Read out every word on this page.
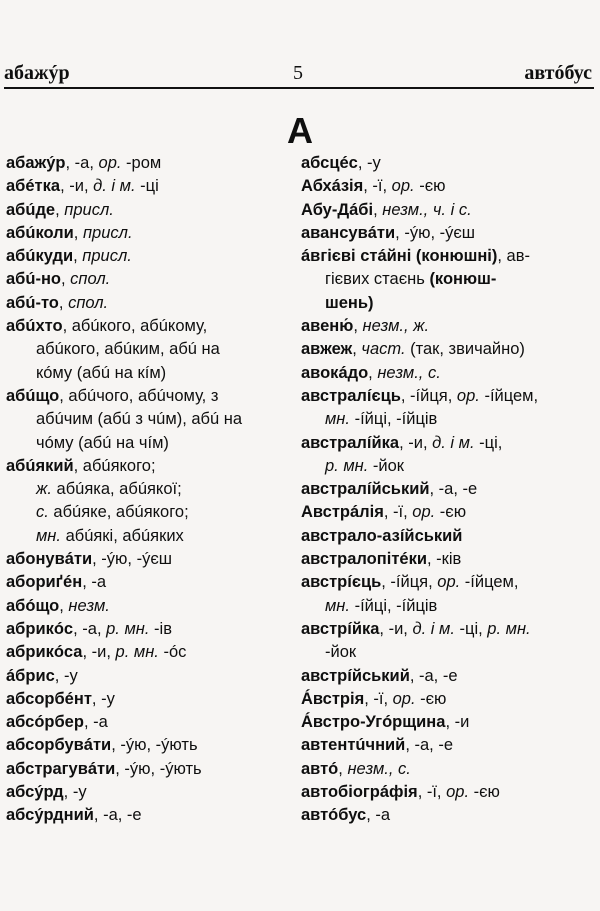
абажýр	5	автóбус
А
абажýр, -а, ор. -ром
абéтка, -и, д. і м. -ці
абúде, присл.
абúколи, присл.
абúкуди, присл.
абú-но, спол.
абú-то, спол.
абúхто, абúкого, абúкому,
абúкого, абúким, абú на
кóму (абú на кíм)
абúщо, абúчого, абúчому, з
абúчим (абú з чúм), абú на
чóму (абú на чíм)
абúякий, абúякого;
ж. абúяка, абúякої;
с. абúяке, абúякого;
мн. абúякі, абúяких
абонувáти, -ýю, -ýєш
абориґéн, -а
абóщо, незм.
абрикóс, -а, р. мн. -ів
абрикóса, -и, р. мн. -óс
áбрис, -у
абсорбéнт, -у
абсóрбер, -а
абсорбувáти, -ýю, -ýють
абстрагувáти, -ýю, -ýють
абсýрд, -у
абсýрдний, -а, -е
абсцéс, -у
Абхáзія, -ї, ор. -єю
Абу-Дáбі, незм., ч. і с.
авансувáти, -ýю, -ýєш
áвгієві стáйні (конюшні), ав-
гієвих стаєнь (конюш-
шень)
авеню́, незм., ж.
авжеж, част. (так, звичайно)
авокáдо, незм., с.
австралíєць, -íйця, ор. -íйцем,
мн. -íйці, -íйців
австралíйка, -и, д. і м. -ці,
р. мн. -йок
австралíйський, -а, -е
Австрáлія, -ї, ор. -єю
австрало-азíйський
австралопітéки, -ків
австрíєць, -íйця, ор. -íйцем,
мн. -íйці, -íйців
австрíйка, -и, д. і м. -ці, р. мн.
-йок
австрíйський, -а, -е
Áвстрія, -ї, ор. -єю
Áвстро-Угóрщина, -и
автентúчний, -а, -е
автó, незм., с.
автобіогрáфія, -ї, ор. -єю
автóбус, -а
